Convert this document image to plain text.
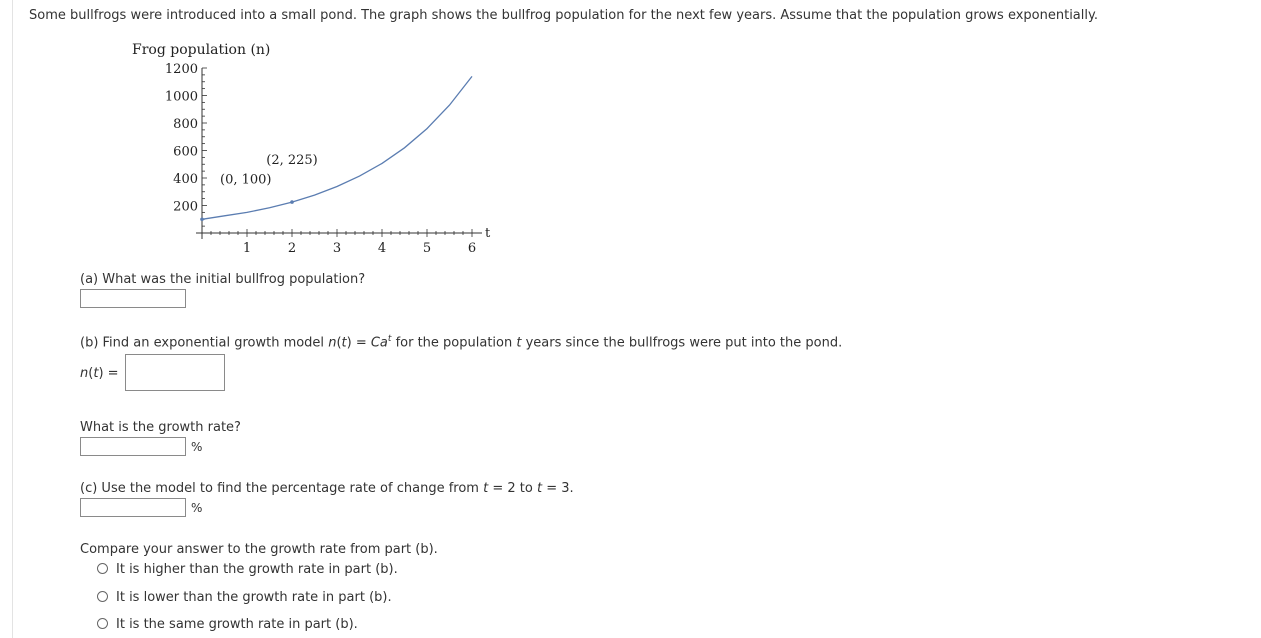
Some bullfrogs were introduced into a small pond. The graph shows the bullfrog population for the next few years. Assume that the population grows exponentially.
Frog population (n)
200
400
600
800
1000
1200
1	2	3	4	5	6
(0, 100)
(2, 225)
t
(a) What was the initial bullfrog population?
(b) Find an exponential growth model $n(t) = Ca^t$ for the population t years since the bullfrogs were put into the pond.
n(t) =
What is the growth rate?
%
(c) Use the model to find the percentage rate of change from t = 2 to t = 3.
%
Compare your answer to the growth rate from part (b).
It is higher than the growth rate in part (b).
It is lower than the growth rate in part (b).
It is the same growth rate in part (b).
